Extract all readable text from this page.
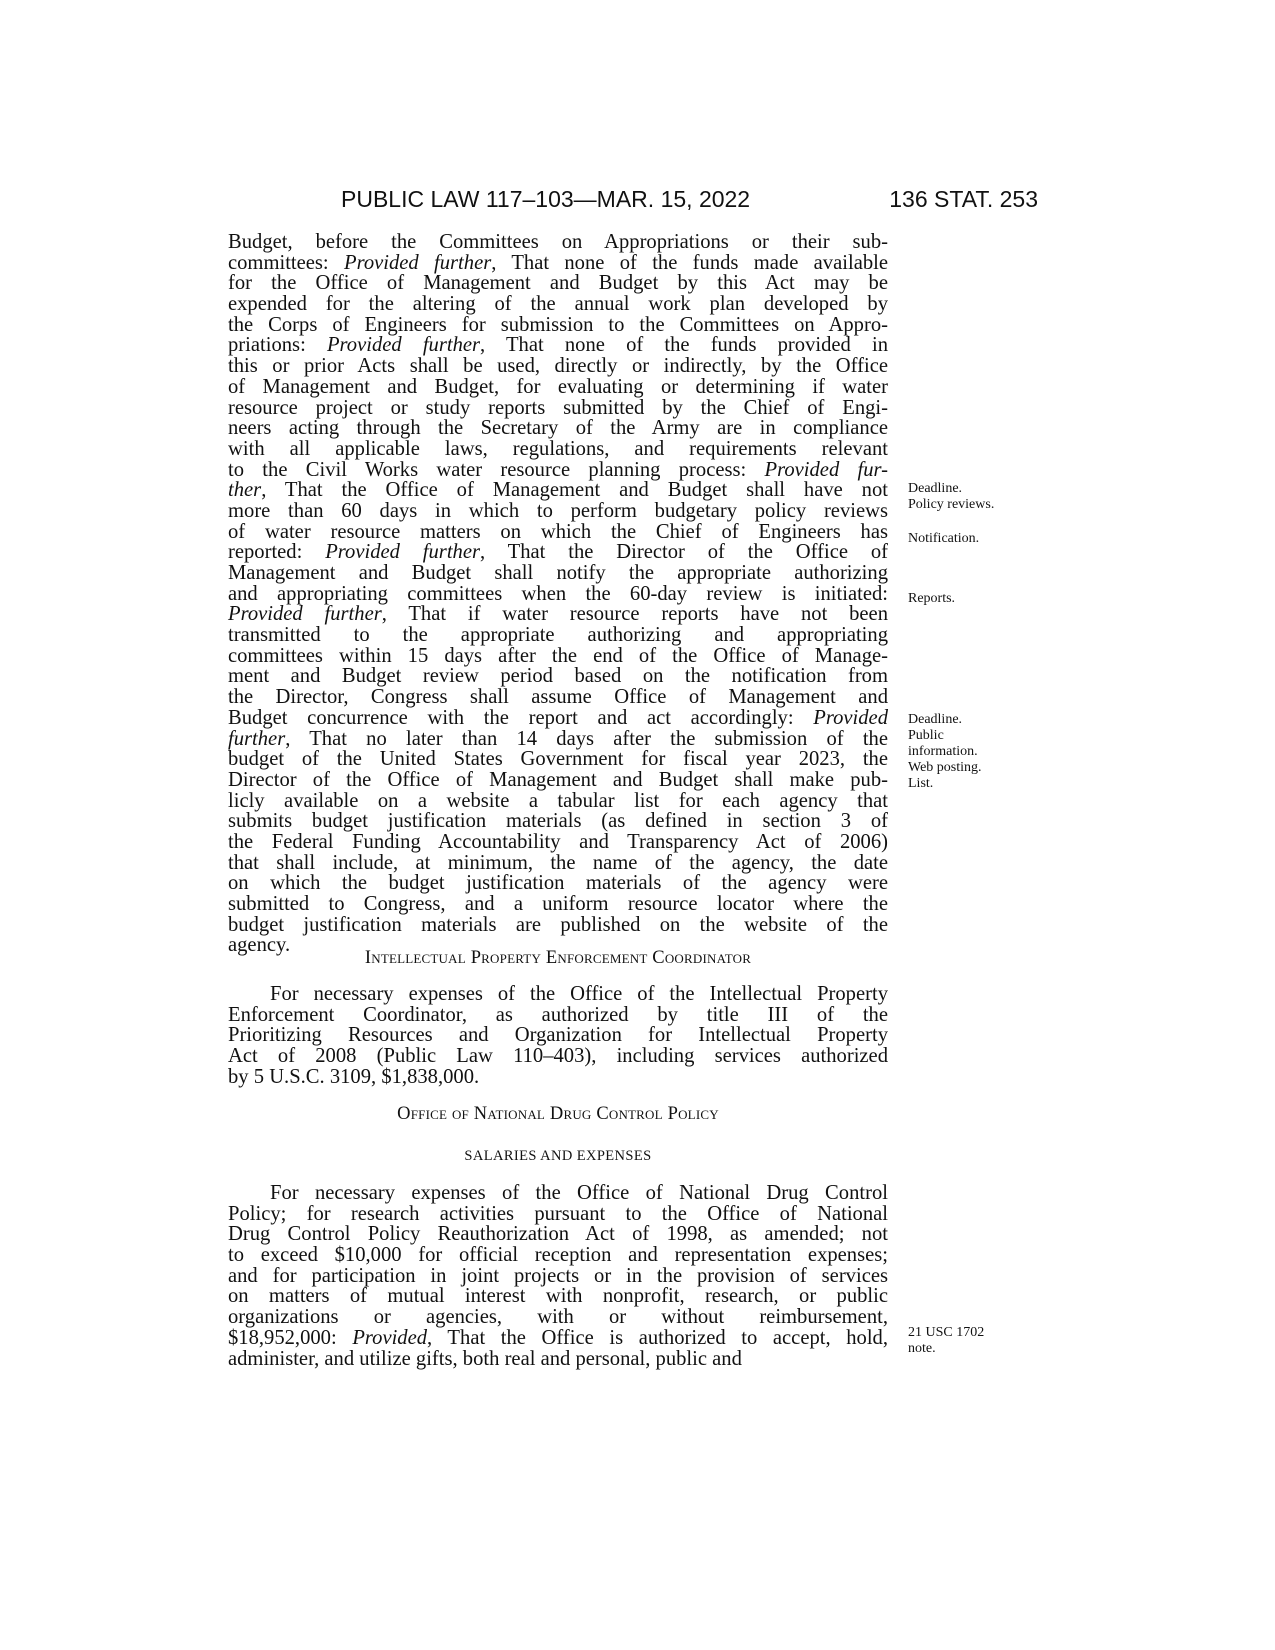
PUBLIC LAW 117–103—MAR. 15, 2022	136 STAT. 253
Budget, before the Committees on Appropriations or their sub-
committees: Provided further, That none of the funds made available
for the Office of Management and Budget by this Act may be
expended for the altering of the annual work plan developed by
the Corps of Engineers for submission to the Committees on Appro-
priations: Provided further, That none of the funds provided in
this or prior Acts shall be used, directly or indirectly, by the Office
of Management and Budget, for evaluating or determining if water
resource project or study reports submitted by the Chief of Engi-
neers acting through the Secretary of the Army are in compliance
with all applicable laws, regulations, and requirements relevant
to the Civil Works water resource planning process: Provided fur-
ther, That the Office of Management and Budget shall have not
more than 60 days in which to perform budgetary policy reviews
of water resource matters on which the Chief of Engineers has
reported: Provided further, That the Director of the Office of
Management and Budget shall notify the appropriate authorizing
and appropriating committees when the 60-day review is initiated:
Provided further, That if water resource reports have not been
transmitted to the appropriate authorizing and appropriating
committees within 15 days after the end of the Office of Manage-
ment and Budget review period based on the notification from
the Director, Congress shall assume Office of Management and
Budget concurrence with the report and act accordingly: Provided
further, That no later than 14 days after the submission of the
budget of the United States Government for fiscal year 2023, the
Director of the Office of Management and Budget shall make pub-
licly available on a website a tabular list for each agency that
submits budget justification materials (as defined in section 3 of
the Federal Funding Accountability and Transparency Act of 2006)
that shall include, at minimum, the name of the agency, the date
on which the budget justification materials of the agency were
submitted to Congress, and a uniform resource locator where the
budget justification materials are published on the website of the
agency.
Intellectual Property Enforcement Coordinator
For necessary expenses of the Office of the Intellectual Property
Enforcement Coordinator, as authorized by title III of the
Prioritizing Resources and Organization for Intellectual Property
Act of 2008 (Public Law 110–403), including services authorized
by 5 U.S.C. 3109, $1,838,000.
Office of National Drug Control Policy
SALARIES AND EXPENSES
For necessary expenses of the Office of National Drug Control
Policy; for research activities pursuant to the Office of National
Drug Control Policy Reauthorization Act of 1998, as amended; not
to exceed $10,000 for official reception and representation expenses;
and for participation in joint projects or in the provision of services
on matters of mutual interest with nonprofit, research, or public
organizations or agencies, with or without reimbursement,
$18,952,000: Provided, That the Office is authorized to accept, hold,
administer, and utilize gifts, both real and personal, public and
Deadline.
Policy reviews.
Notification.
Reports.
Deadline.
Public
information.
Web posting.
List.
21 USC 1702
note.
